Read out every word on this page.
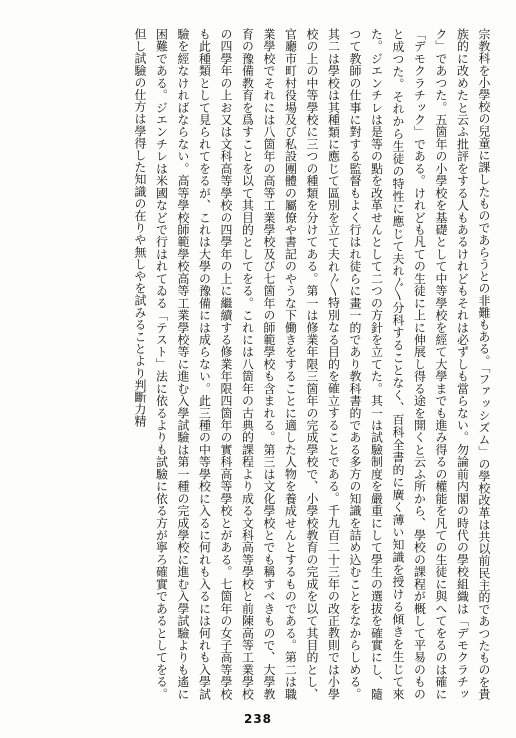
宗教科を小學校の兒童に課したものであらうとの非難もある。「ファッシズム」の學校改革は共以前民主的であつたものを貴族的に改めたと云ふ批評をする人もあるけれどもそれは必ずしも當らない。勿論前内閣の時代の學校組織は「デモクラチック」であつた。五箇年の小學校を基礎として中等學校を經て大學までも進み得るの權能を凡ての生徒に與へてをるのは確に「デモクラチック」である。けれども凡ての生徒に上に伸展し得る途を開くと云ふ所から、學校の課程が概して平易のものと成つた。それから生徒の特性に應じて夫れ〲分科することなく、百科全書的に廣く薄い知識を授ける傾きを生じて來た。ジエンチレは是等の點を改革せんとして二つの方針を立てた。其一は試驗制度を嚴重にして學生の選拔を確實にし、隨つて教師の仕事に對する監督もよく行はれ徒らに畫一的であり教科書的である多方の知識を詰め込むことをなからしめる。其二は學校は其種類に應じて區別を立て夫れ〲特別なる目的を確立することである。千九百二十三年の改正教則では小學校の上の中等學校に三つの種類を分けてある。第一は修業年限三箇年の完成學校で、小學校教育の完成を以て其目的とし、官廳市町村役場及び私設團體の屬僚や書記のやうな下働きをすることに適した人物を養成せんとするものである。第二は職業學校でそれには八箇年の高等工業學校及び七箇年の師範學校も含まれる。第三は文化學校とでも稱すべきもので、大學教育の豫備教育を爲すことを以て其目的としてをる。これには八箇年の古典的課程より成る文科高等學校と前陳高等工業學校の四學年の上お又は文科高等學校の四學年の上に繼續する修業年限四箇年の實科高等學校とがある。七箇年の女子高等學校も此種類として見られてをるが、これは大學の豫備には成らない。此三種の中等學校に入るに何れも入るには何れも入學試驗を經なければならない。高等學校師範學校高等工業學校等に進む入學試驗は第一種の完成學校に進む入學試驗よりも遙に困難である。ジエンチレは米國などで行はれてゐる「テスト」法に依るよりも試驗に依る方が寧ろ確實であるとしてをる。但し試驗の仕方は學得した知識の在りや無しやを試みることより判斷力精

238
